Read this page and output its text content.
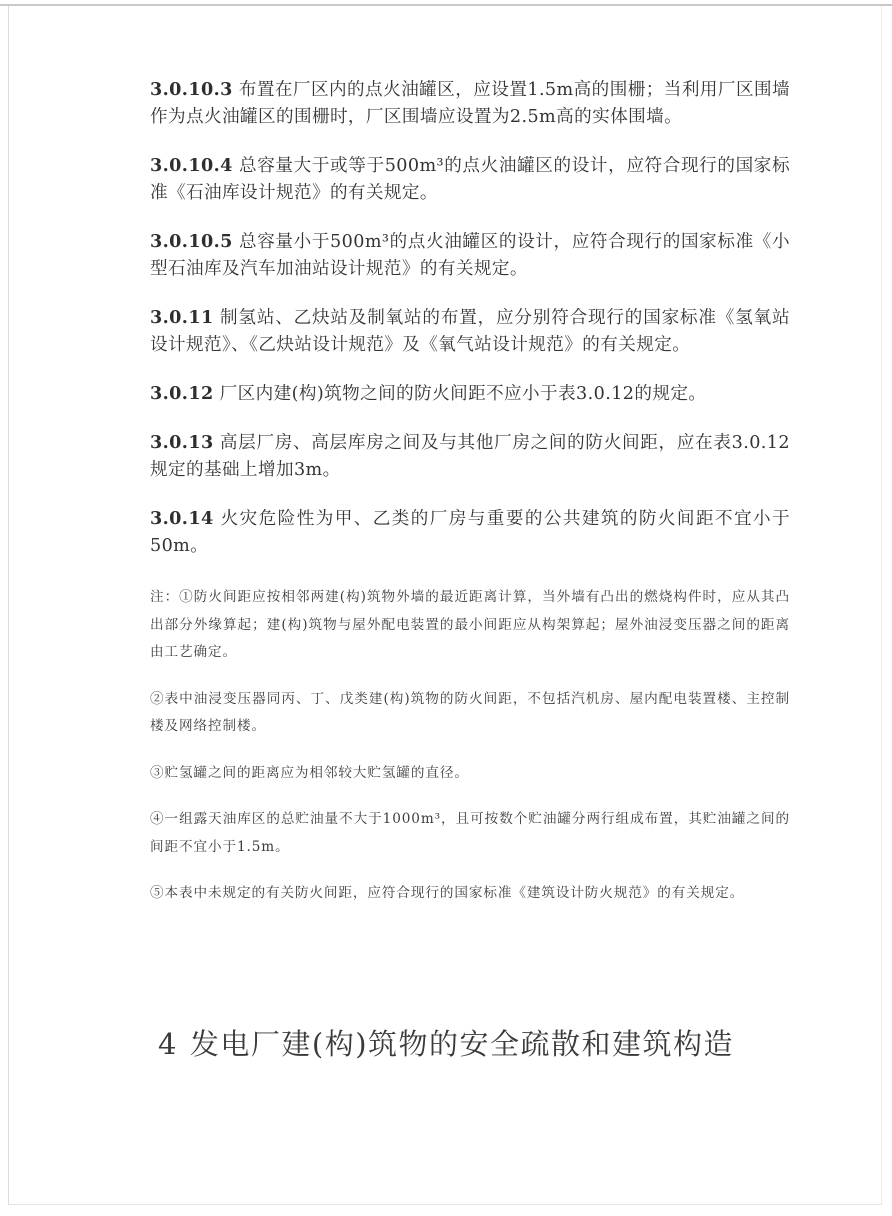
3.0.10.3 布置在厂区内的点火油罐区，应设置1.5m高的围栅；当利用厂区围墙作为点火油罐区的围栅时，厂区围墙应设置为2.5m高的实体围墙。

3.0.10.4 总容量大于或等于500m³的点火油罐区的设计，应符合现行的国家标准《石油库设计规范》的有关规定。

3.0.10.5 总容量小于500m³的点火油罐区的设计，应符合现行的国家标准《小型石油库及汽车加油站设计规范》的有关规定。

3.0.11 制氢站、乙炔站及制氧站的布置，应分别符合现行的国家标准《氢氧站设计规范》、《乙炔站设计规范》及《氧气站设计规范》的有关规定。

3.0.12 厂区内建(构)筑物之间的防火间距不应小于表3.0.12的规定。

3.0.13 高层厂房、高层库房之间及与其他厂房之间的防火间距，应在表3.0.12规定的基础上增加3m。

3.0.14 火灾危险性为甲、乙类的厂房与重要的公共建筑的防火间距不宜小于50m。

注：①防火间距应按相邻两建(构)筑物外墙的最近距离计算，当外墙有凸出的燃烧构件时，应从其凸出部分外缘算起；建(构)筑物与屋外配电装置的最小间距应从构架算起；屋外油浸变压器之间的距离由工艺确定。

②表中油浸变压器同丙、丁、戊类建(构)筑物的防火间距，不包括汽机房、屋内配电装置楼、主控制楼及网络控制楼。

③贮氢罐之间的距离应为相邻较大贮氢罐的直径。

④一组露天油库区的总贮油量不大于1000m³，且可按数个贮油罐分两行组成布置，其贮油罐之间的间距不宜小于1.5m。

⑤本表中未规定的有关防火间距，应符合现行的国家标准《建筑设计防火规范》的有关规定。

4 发电厂建(构)筑物的安全疏散和建筑构造
